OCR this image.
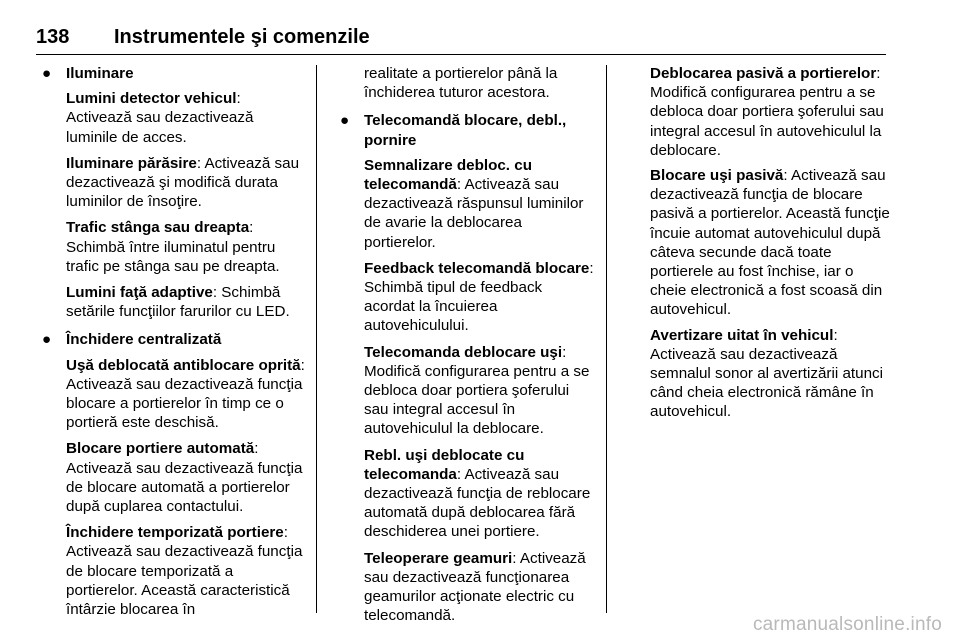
138 Instrumentele şi comenzile

● Iluminare

Lumini detector vehicul: Activează sau dezactivează luminile de acces.

Iluminare părăsire: Activează sau dezactivează şi modifică durata luminilor de însoţire.

Trafic stânga sau dreapta: Schimbă între iluminatul pentru trafic pe stânga sau pe dreapta.

Lumini faţă adaptive: Schimbă setările funcţiilor farurilor cu LED.

● Închidere centralizată

Uşă deblocată antiblocare oprită: Activează sau dezactivează funcţia blocare a portierelor în timp ce o portieră este deschisă.

Blocare portiere automată: Activează sau dezactivează funcţia de blocare automată a portierelor după cuplarea contactului.

Închidere temporizată portiere: Activează sau dezactivează funcţia de blocare temporizată a portierelor. Această caracteristică întârzie blocarea în

realitate a portierelor până la închiderea tuturor acestora.

● Telecomandă blocare, debl., pornire

Semnalizare debloc. cu telecomandă: Activează sau dezactivează răspunsul luminilor de avarie la deblocarea portierelor.

Feedback telecomandă blocare: Schimbă tipul de feedback acordat la încuierea autovehiculului.

Telecomanda deblocare uşi: Modifică configurarea pentru a se debloca doar portiera şoferului sau integral accesul în autovehiculul la deblocare.

Rebl. uşi deblocate cu telecomanda: Activează sau dezactivează funcţia de reblocare automată după deblocarea fără deschiderea unei portiere.

Teleoperare geamuri: Activează sau dezactivează funcţionarea geamurilor acţionate electric cu telecomandă.

Deblocarea pasivă a portierelor: Modifică configurarea pentru a se debloca doar portiera şoferului sau integral accesul în autovehiculul la deblocare.

Blocare uşi pasivă: Activează sau dezactivează funcţia de blocare pasivă a portierelor. Această funcţie încuie automat autovehiculul după câteva secunde dacă toate portierele au fost închise, iar o cheie electronică a fost scoasă din autovehicul.

Avertizare uitat în vehicul: Activează sau dezactivează semnalul sonor al avertizării atunci când cheia electronică rămâne în autovehicul.

carmanualsonline.info
